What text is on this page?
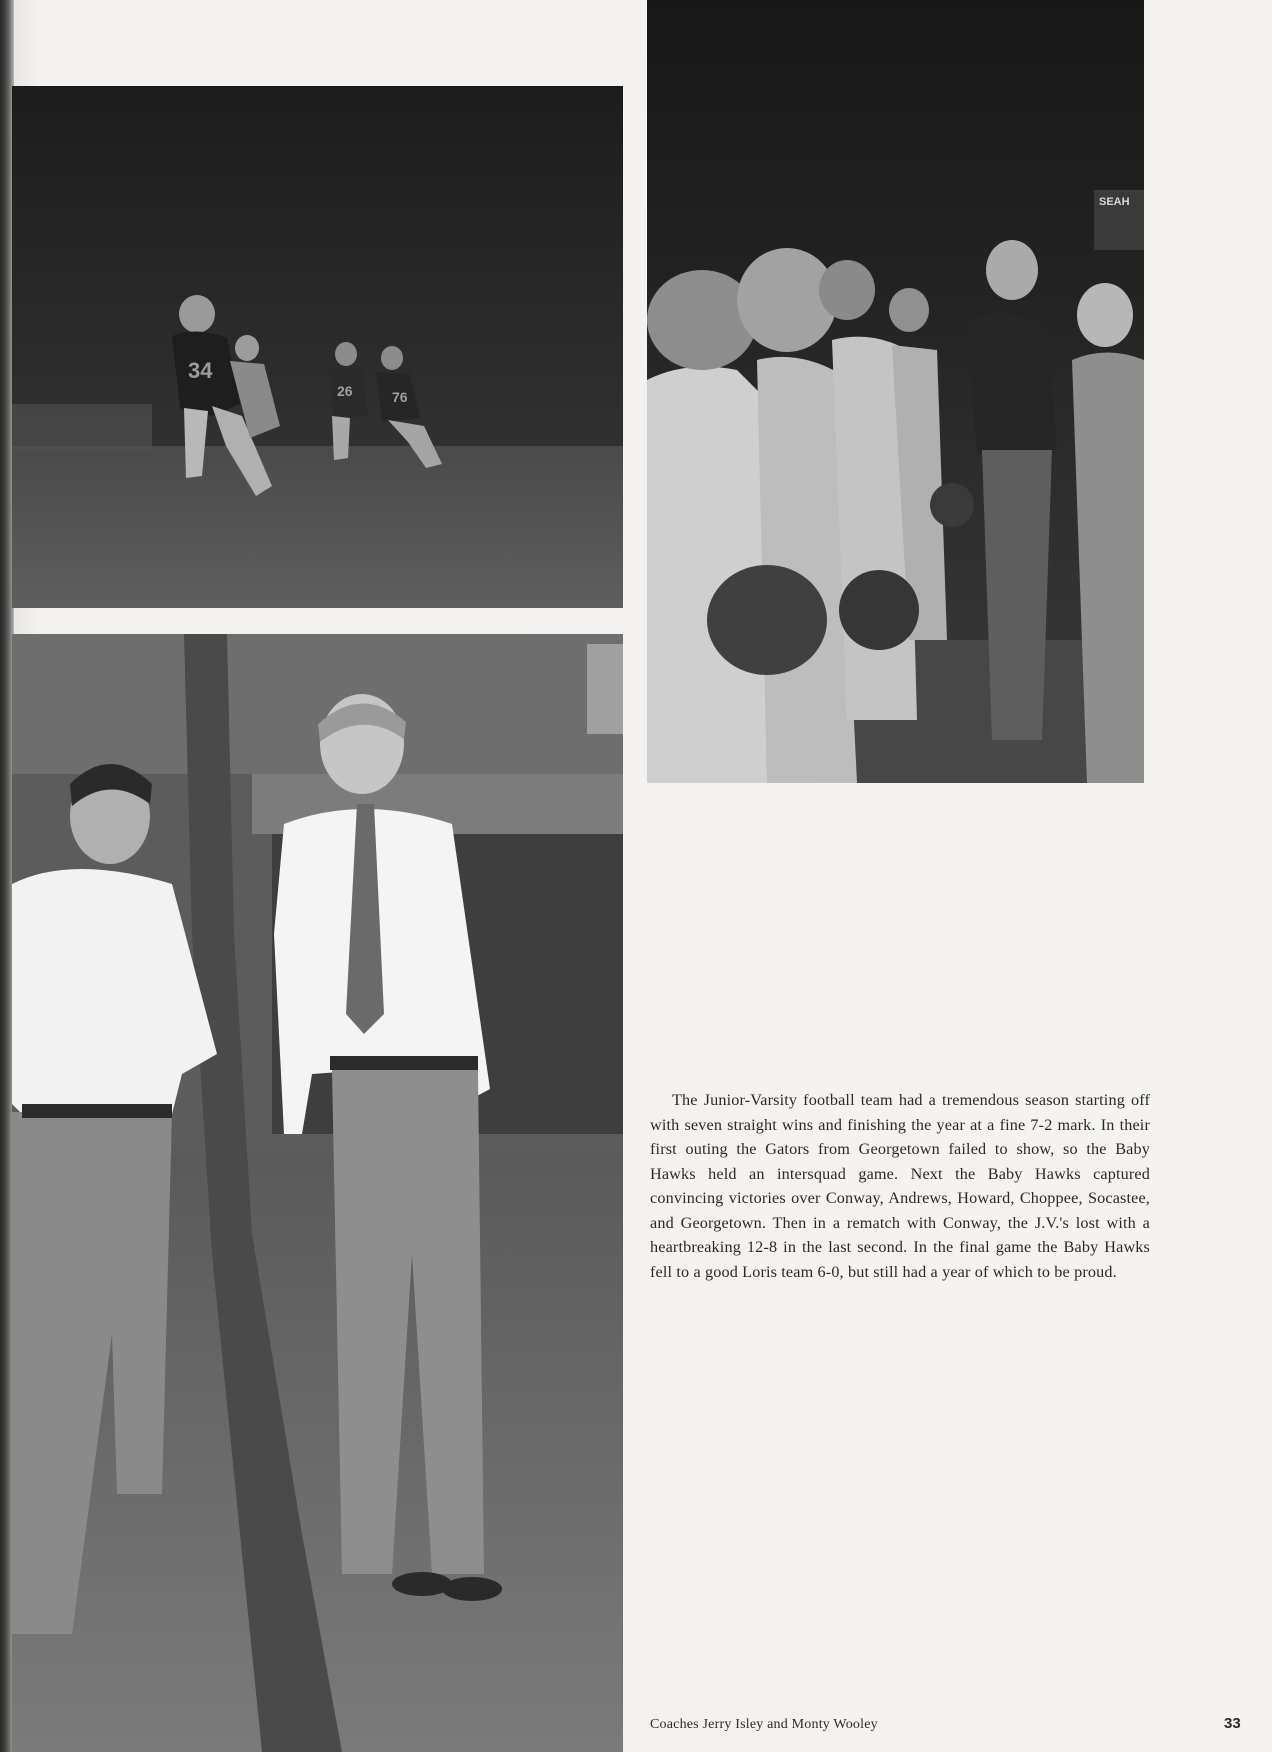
34
26	76
SEAH

The Junior-Varsity football team had a tremendous season starting off with seven straight wins and finishing the year at a fine 7-2 mark. In their first outing the Gators from Georgetown failed to show, so the Baby Hawks held an intersquad game. Next the Baby Hawks captured convincing victories over Conway, Andrews, Howard, Choppee, Socastee, and Georgetown. Then in a rematch with Conway, the J.V.'s lost with a heartbreaking 12-8 in the last second. In the final game the Baby Hawks fell to a good Loris team 6-0, but still had a year of which to be proud.

Coaches Jerry Isley and Monty Wooley	33
